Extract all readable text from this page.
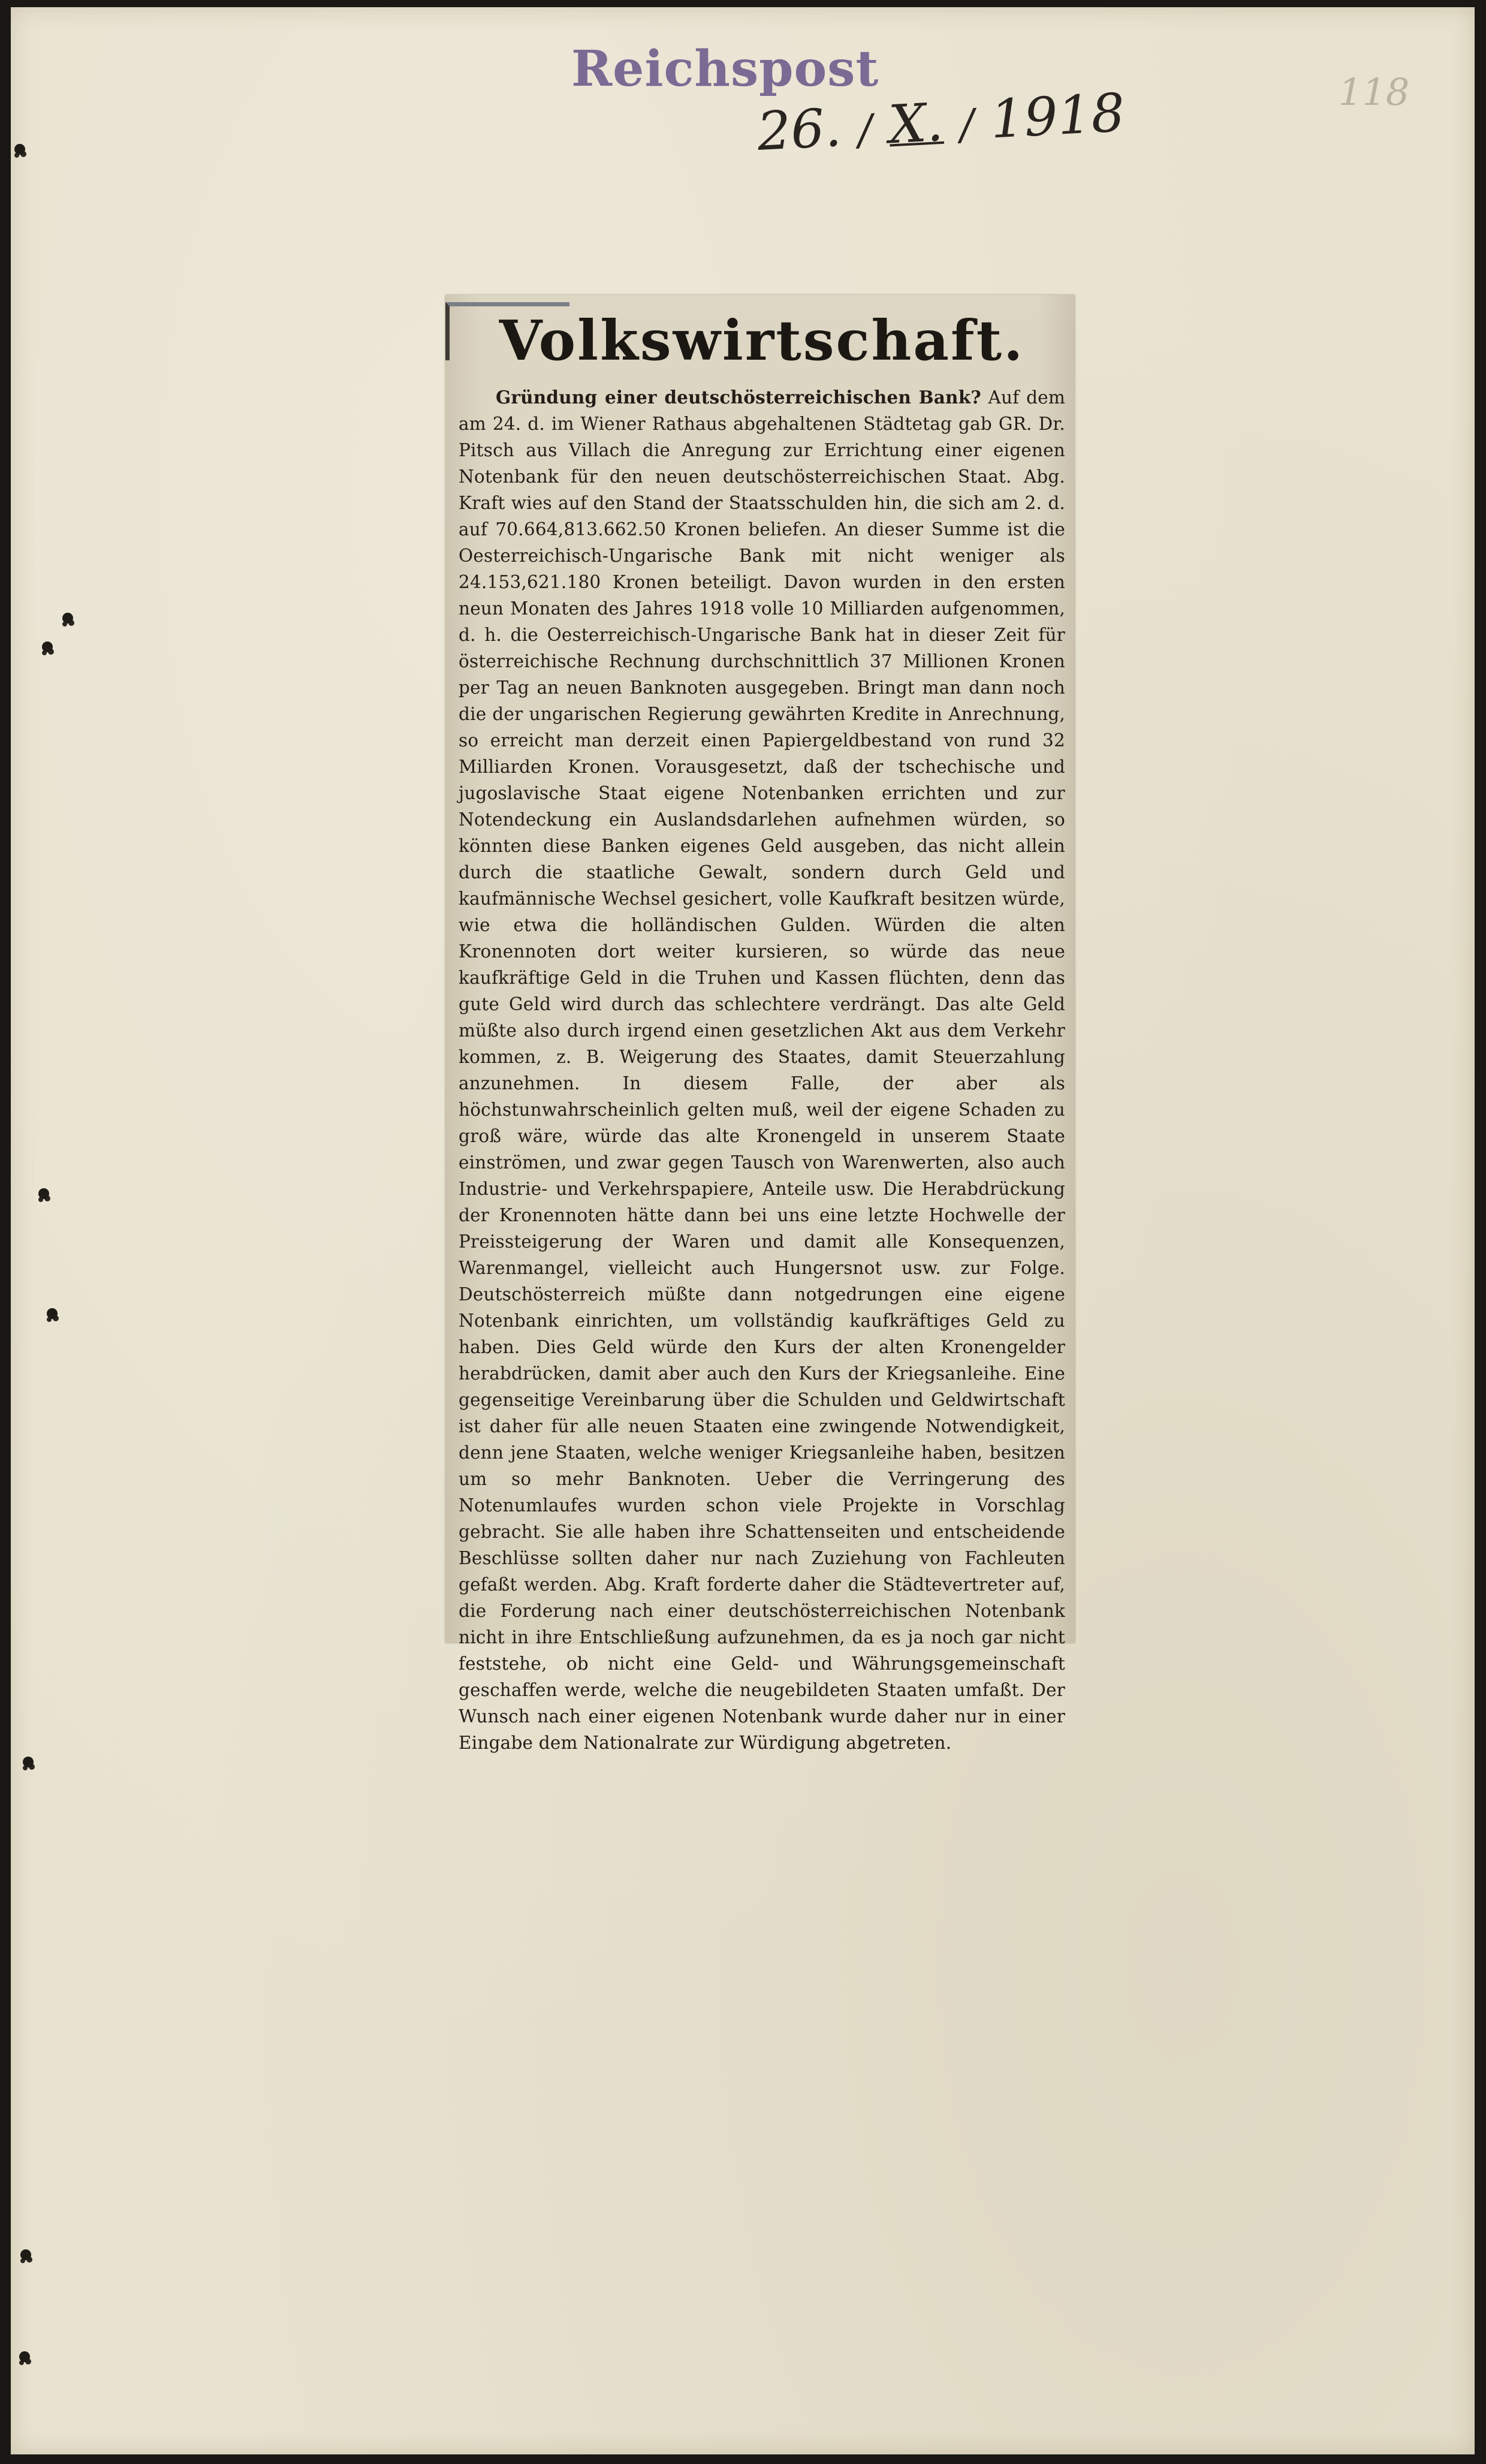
Reichspost
26. / X. / 1918	118
Volkswirtschaft.

Gründung einer deutschösterreichischen Bank? Auf dem am 24. d. im Wiener Rathaus abgehaltenen Städtetag gab GR. Dr. Pitsch aus Villach die Anregung zur Errichtung einer eigenen Notenbank für den neuen deutschösterreichischen Staat. Abg. Kraft wies auf den Stand der Staatsschulden hin, die sich am 2. d. auf 70.664,813.662.50 Kronen beliefen. An dieser Summe ist die Oesterreichisch-Ungarische Bank mit nicht weniger als 24.153,621.180 Kronen beteiligt. Davon wurden in den ersten neun Monaten des Jahres 1918 volle 10 Milliarden aufgenommen, d. h. die Oesterreichisch-Ungarische Bank hat in dieser Zeit für österreichische Rechnung durchschnittlich 37 Millionen Kronen per Tag an neuen Banknoten ausgegeben. Bringt man dann noch die der ungarischen Regierung gewährten Kredite in Anrechnung, so erreicht man derzeit einen Papiergeldbestand von rund 32 Milliarden Kronen. Vorausgesetzt, daß der tschechische und jugoslavische Staat eigene Notenbanken errichten und zur Notendeckung ein Auslandsdarlehen aufnehmen würden, so könnten diese Banken eigenes Geld ausgeben, das nicht allein durch die staatliche Gewalt, sondern durch Geld und kaufmännische Wechsel gesichert, volle Kaufkraft besitzen würde, wie etwa die holländischen Gulden. Würden die alten Kronennoten dort weiter kursieren, so würde das neue kaufkräftige Geld in die Truhen und Kassen flüchten, denn das gute Geld wird durch das schlechtere verdrängt. Das alte Geld müßte also durch irgend einen gesetzlichen Akt aus dem Verkehr kommen, z. B. Weigerung des Staates, damit Steuerzahlung anzunehmen. In diesem Falle, der aber als höchstunwahrscheinlich gelten muß, weil der eigene Schaden zu groß wäre, würde das alte Kronengeld in unserem Staate einströmen, und zwar gegen Tausch von Warenwerten, also auch Industrie- und Verkehrspapiere, Anteile usw. Die Herabdrückung der Kronennoten hätte dann bei uns eine letzte Hochwelle der Preissteigerung der Waren und damit alle Konsequenzen, Warenmangel, vielleicht auch Hungersnot usw. zur Folge. Deutschösterreich müßte dann notgedrungen eine eigene Notenbank einrichten, um vollständig kaufkräftiges Geld zu haben. Dies Geld würde den Kurs der alten Kronengelder herabdrücken, damit aber auch den Kurs der Kriegsanleihe. Eine gegenseitige Vereinbarung über die Schulden und Geldwirtschaft ist daher für alle neuen Staaten eine zwingende Notwendigkeit, denn jene Staaten, welche weniger Kriegsanleihe haben, besitzen um so mehr Banknoten. Ueber die Verringerung des Notenumlaufes wurden schon viele Projekte in Vorschlag gebracht. Sie alle haben ihre Schattenseiten und entscheidende Beschlüsse sollten daher nur nach Zuziehung von Fachleuten gefaßt werden. Abg. Kraft forderte daher die Städtevertreter auf, die Forderung nach einer deutschösterreichischen Notenbank nicht in ihre Entschließung aufzunehmen, da es ja noch gar nicht feststehe, ob nicht eine Geld- und Währungsgemeinschaft geschaffen werde, welche die neugebildeten Staaten umfaßt. Der Wunsch nach einer eigenen Notenbank wurde daher nur in einer Eingabe dem Nationalrate zur Würdigung abgetreten.
